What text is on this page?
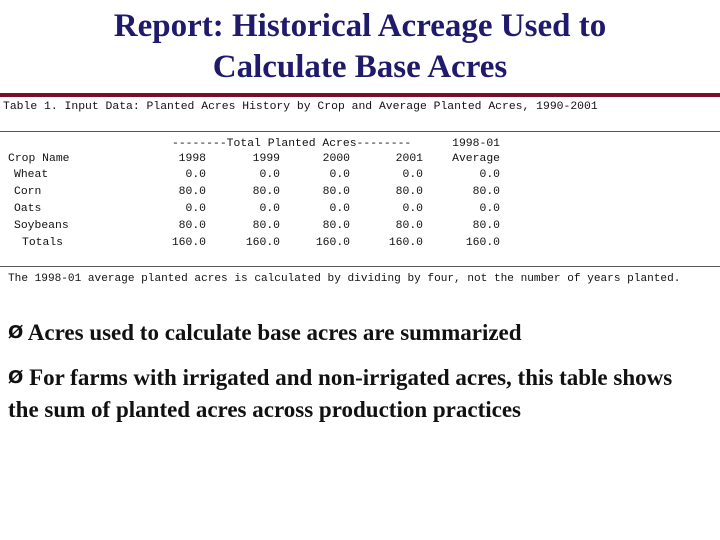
Report: Historical Acreage Used to
Calculate Base Acres
Table 1. Input Data: Planted Acres History by Crop and Average Planted Acres, 1990-2001
--------Total Planted Acres--------	1998-01
Crop Name	1998	1999	2000	2001	Average
Wheat	0.0	0.0	0.0	0.0	0.0
Corn	80.0	80.0	80.0	80.0	80.0
Oats	0.0	0.0	0.0	0.0	0.0
Soybeans	80.0	80.0	80.0	80.0	80.0
Totals	160.0	160.0	160.0	160.0	160.0
The 1998-01 average planted acres is calculated by dividing by four, not the number of years planted.
Ø Acres used to calculate base acres are summarized
Ø For farms with irrigated and non-irrigated acres, this table shows the sum of planted acres across production practices
